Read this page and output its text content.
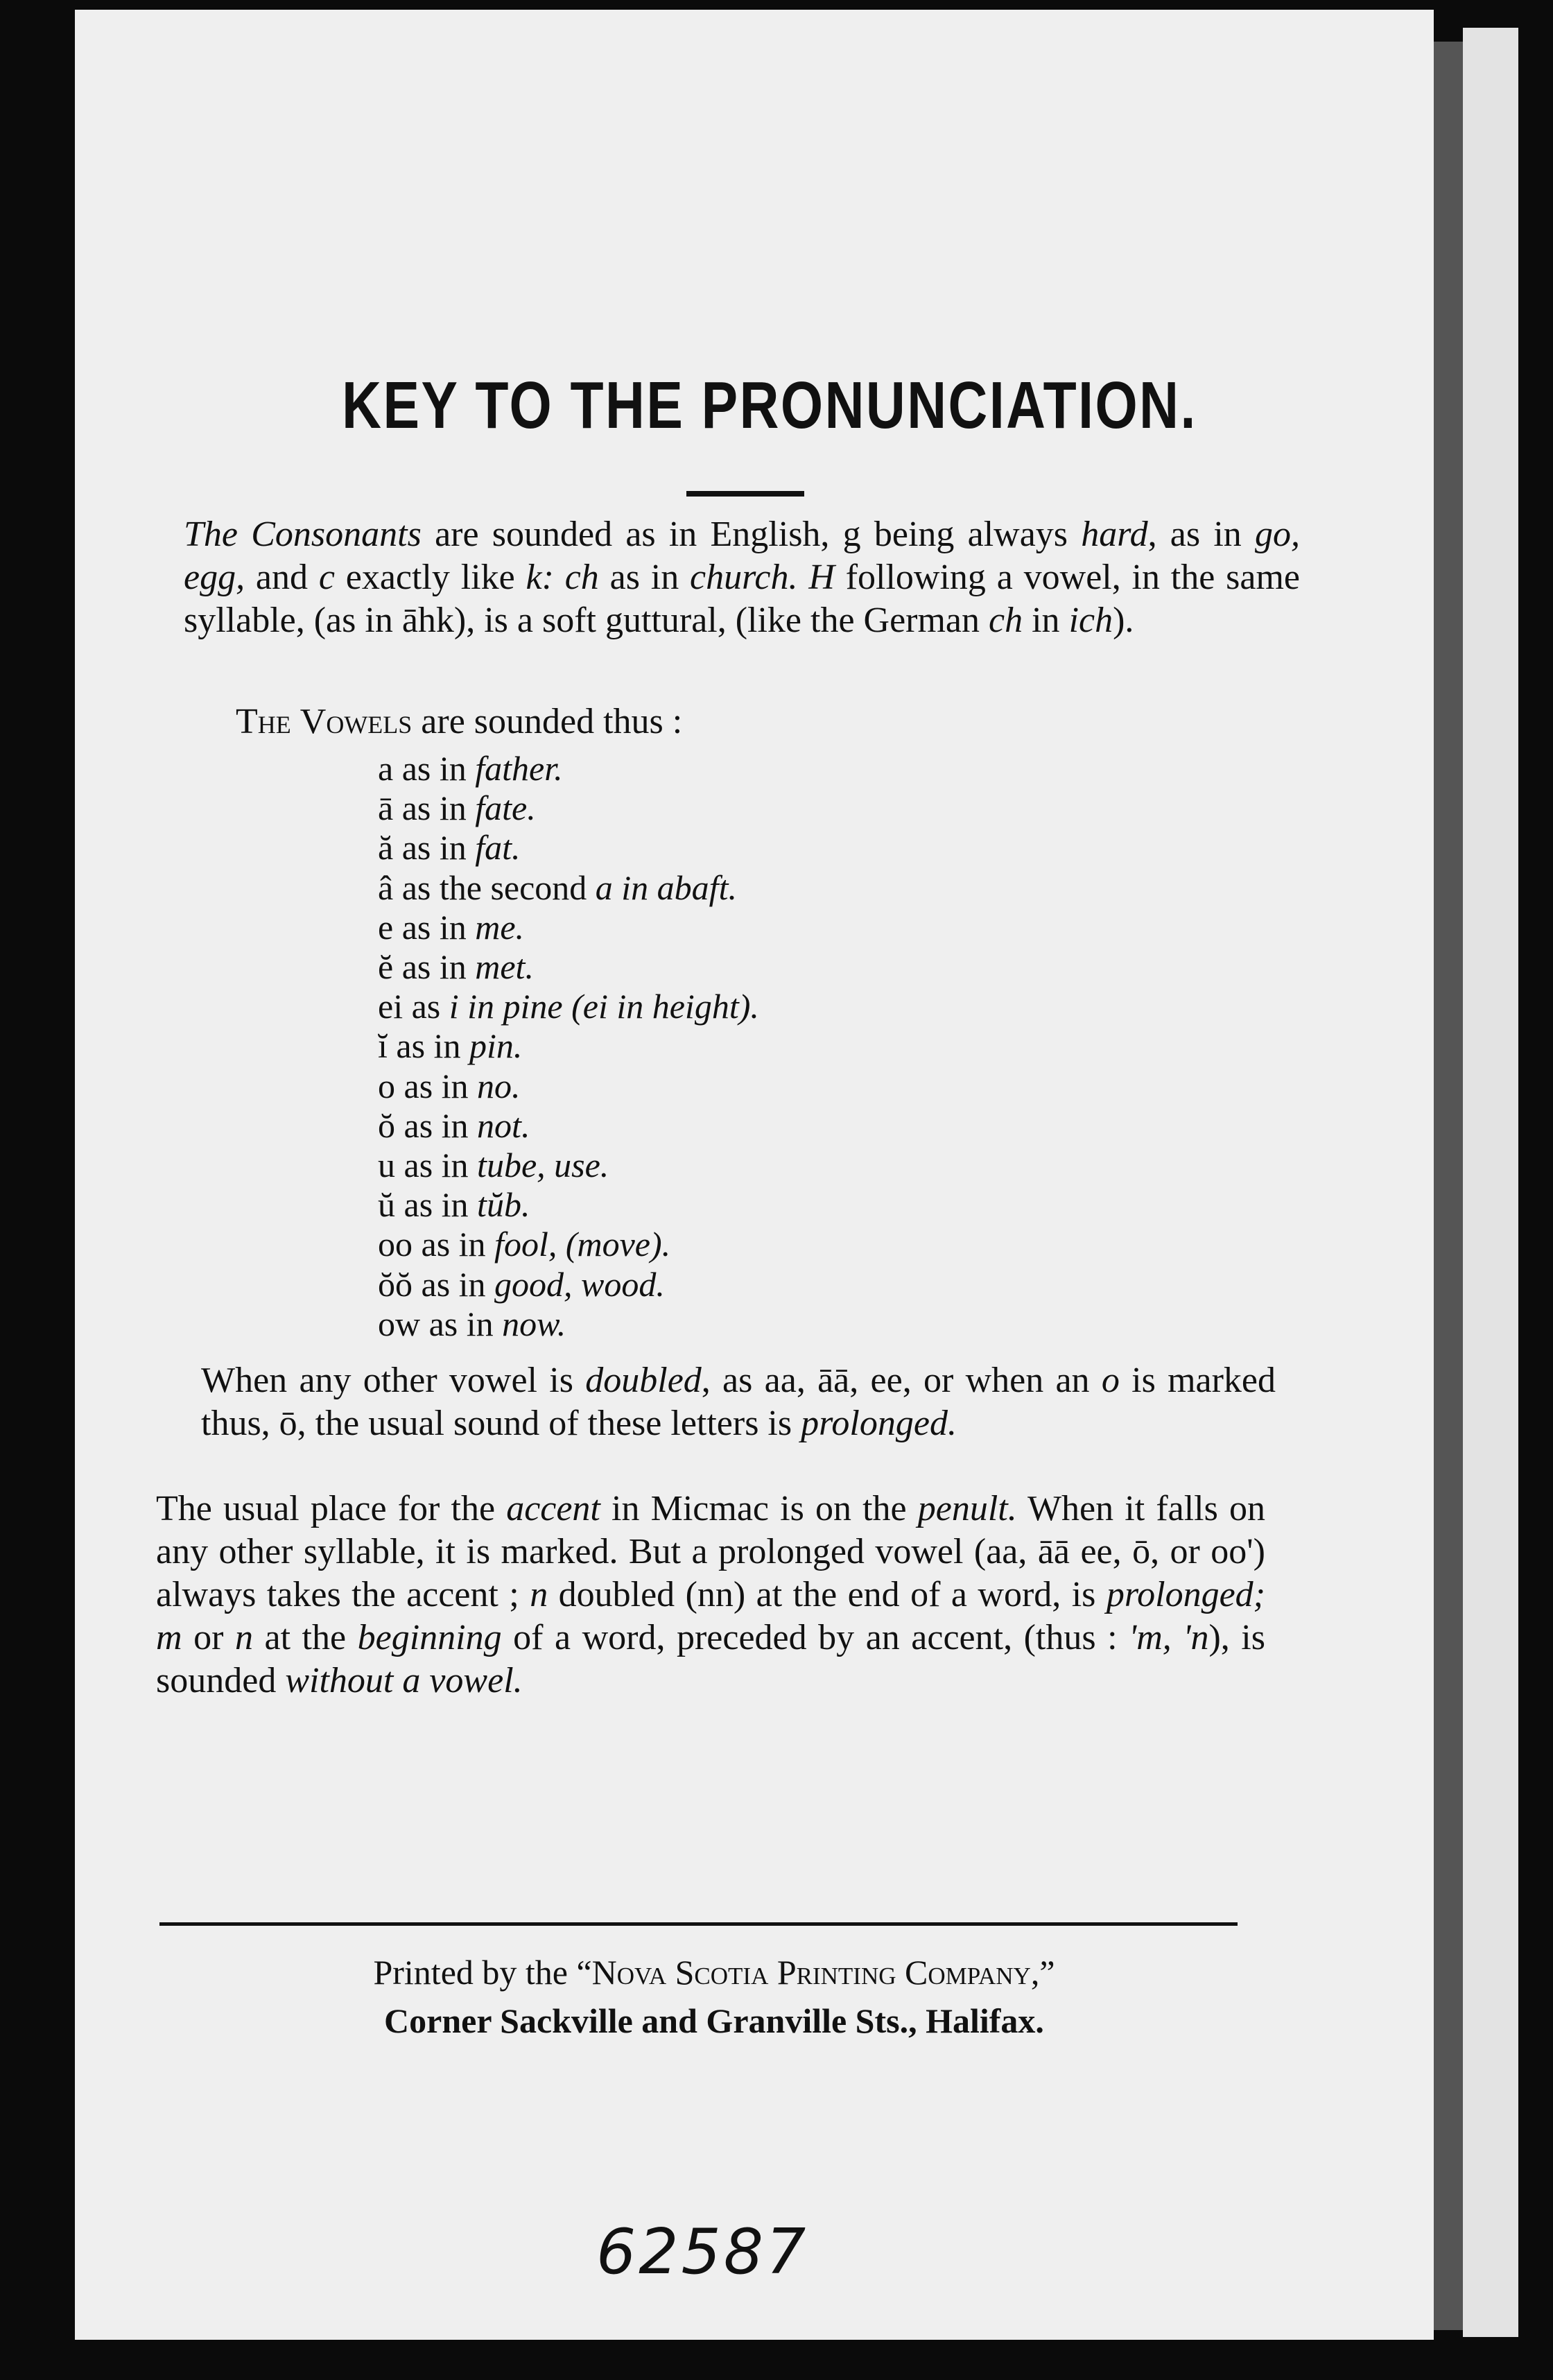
KEY TO THE PRONUNCIATION.

The Consonants are sounded as in English, g being always hard, as in go, egg, and c exactly like k: ch as in church. H following a vowel, in the same syllable, (as in āhk), is a soft guttural, (like the German ch in ich).

The Vowels are sounded thus :

a as in father.
ā as in fate.
ă as in fat.
â as the second a in abaft.
e as in me.
ĕ as in met.
ei as i in pine (ei in height).
ĭ as in pin.
o as in no.
ŏ as in not.
u as in tube, use.
ŭ as in tŭb.
oo as in fool, (move).
ŏŏ as in good, wood.
ow as in now.

When any other vowel is doubled, as aa, āā, ee, or when an o is marked thus, ō, the usual sound of these letters is prolonged.

The usual place for the accent in Micmac is on the penult. When it falls on any other syllable, it is marked. But a prolonged vowel (aa, āā ee, ō, or oo') always takes the accent ; n doubled (nn) at the end of a word, is prolonged; m or n at the beginning of a word, preceded by an accent, (thus : 'm, 'n), is sounded without a vowel.

Printed by the “Nova Scotia Printing Company,”

Corner Sackville and Granville Sts., Halifax.

62587
